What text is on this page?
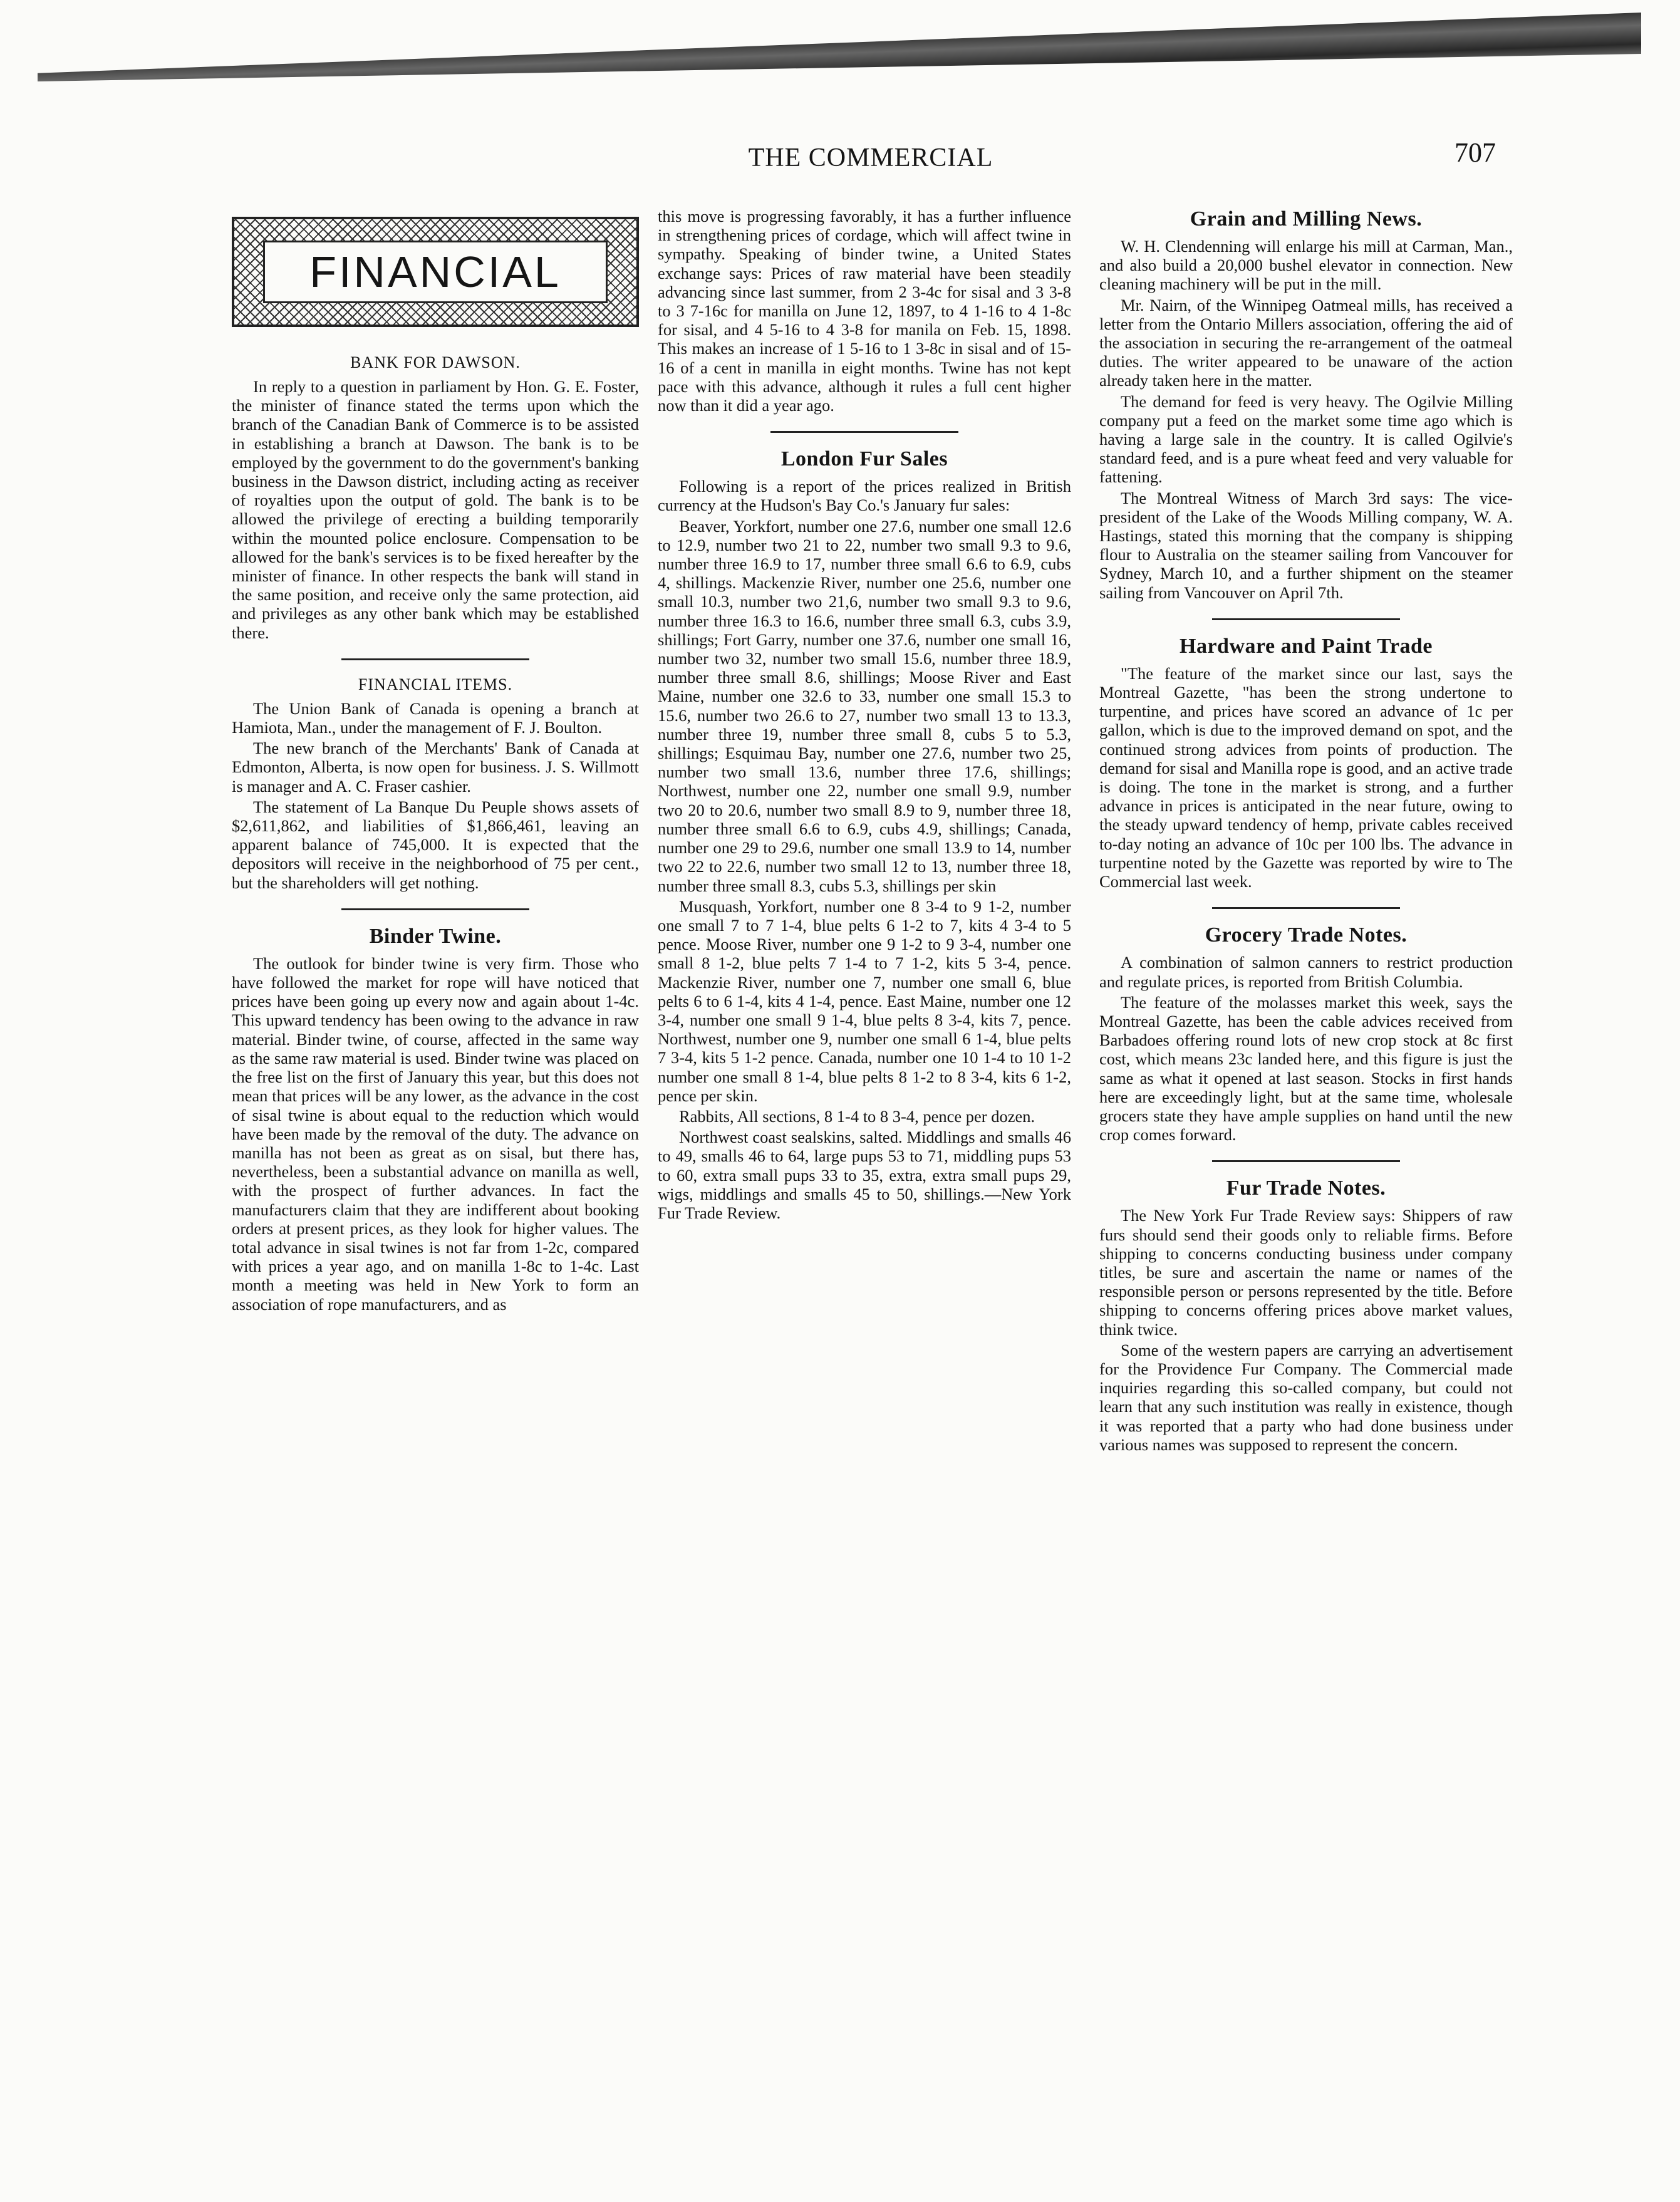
THE COMMERCIAL	707
FINANCIAL
BANK FOR DAWSON.

In reply to a question in parliament by Hon. G. E. Foster, the minister of finance stated the terms upon which the branch of the Canadian Bank of Commerce is to be assisted in establishing a branch at Dawson. The bank is to be employed by the government to do the government's banking business in the Dawson district, including acting as receiver of royalties upon the output of gold. The bank is to be allowed the privilege of erecting a building temporarily within the mounted police enclosure. Compensation to be allowed for the bank's services is to be fixed hereafter by the minister of finance. In other respects the bank will stand in the same position, and receive only the same protection, aid and privileges as any other bank which may be established there.

FINANCIAL ITEMS.

The Union Bank of Canada is opening a branch at Hamiota, Man., under the management of F. J. Boulton.

The new branch of the Merchants' Bank of Canada at Edmonton, Alberta, is now open for business. J. S. Willmott is manager and A. C. Fraser cashier.

The statement of La Banque Du Peuple shows assets of $2,611,862, and liabilities of $1,866,461, leaving an apparent balance of 745,000. It is expected that the depositors will receive in the neighborhood of 75 per cent., but the shareholders will get nothing.

Binder Twine.

The outlook for binder twine is very firm. Those who have followed the market for rope will have noticed that prices have been going up every now and again about 1-4c. This upward tendency has been owing to the advance in raw material. Binder twine, of course, affected in the same way as the same raw material is used. Binder twine was placed on the free list on the first of January this year, but this does not mean that prices will be any lower, as the advance in the cost of sisal twine is about equal to the reduction which would have been made by the removal of the duty. The advance on manilla has not been as great as on sisal, but there has, nevertheless, been a substantial advance on manilla as well, with the prospect of further advances. In fact the manufacturers claim that they are indifferent about booking orders at present prices, as they look for higher values. The total advance in sisal twines is not far from 1-2c, compared with prices a year ago, and on manilla 1-8c to 1-4c. Last month a meeting was held in New York to form an association of rope manufacturers, and as

this move is progressing favorably, it has a further influence in strengthening prices of cordage, which will affect twine in sympathy. Speaking of binder twine, a United States exchange says: Prices of raw material have been steadily advancing since last summer, from 2 3-4c for sisal and 3 3-8 to 3 7-16c for manilla on June 12, 1897, to 4 1-16 to 4 1-8c for sisal, and 4 5-16 to 4 3-8 for manila on Feb. 15, 1898. This makes an increase of 1 5-16 to 1 3-8c in sisal and of 15-16 of a cent in manilla in eight months. Twine has not kept pace with this advance, although it rules a full cent higher now than it did a year ago.

London Fur Sales

Following is a report of the prices realized in British currency at the Hudson's Bay Co.'s January fur sales:

Beaver, Yorkfort, number one 27.6, number one small 12.6 to 12.9, number two 21 to 22, number two small 9.3 to 9.6, number three 16.9 to 17, number three small 6.6 to 6.9, cubs 4, shillings. Mackenzie River, number one 25.6, number one small 10.3, number two 21,6, number two small 9.3 to 9.6, number three 16.3 to 16.6, number three small 6.3, cubs 3.9, shillings; Fort Garry, number one 37.6, number one small 16, number two 32, number two small 15.6, number three 18.9, number three small 8.6, shillings; Moose River and East Maine, number one 32.6 to 33, number one small 15.3 to 15.6, number two 26.6 to 27, number two small 13 to 13.3, number three 19, number three small 8, cubs 5 to 5.3, shillings; Esquimau Bay, number one 27.6, number two 25, number two small 13.6, number three 17.6, shillings; Northwest, number one 22, number one small 9.9, number two 20 to 20.6, number two small 8.9 to 9, number three 18, number three small 6.6 to 6.9, cubs 4.9, shillings; Canada, number one 29 to 29.6, number one small 13.9 to 14, number two 22 to 22.6, number two small 12 to 13, number three 18, number three small 8.3, cubs 5.3, shillings per skin

Musquash, Yorkfort, number one 8 3-4 to 9 1-2, number one small 7 to 7 1-4, blue pelts 6 1-2 to 7, kits 4 3-4 to 5 pence. Moose River, number one 9 1-2 to 9 3-4, number one small 8 1-2, blue pelts 7 1-4 to 7 1-2, kits 5 3-4, pence. Mackenzie River, number one 7, number one small 6, blue pelts 6 to 6 1-4, kits 4 1-4, pence. East Maine, number one 12 3-4, number one small 9 1-4, blue pelts 8 3-4, kits 7, pence. Northwest, number one 9, number one small 6 1-4, blue pelts 7 3-4, kits 5 1-2 pence. Canada, number one 10 1-4 to 10 1-2 number one small 8 1-4, blue pelts 8 1-2 to 8 3-4, kits 6 1-2, pence per skin.

Rabbits, All sections, 8 1-4 to 8 3-4, pence per dozen.

Northwest coast sealskins, salted. Middlings and smalls 46 to 49, smalls 46 to 64, large pups 53 to 71, middling pups 53 to 60, extra small pups 33 to 35, extra, extra small pups 29, wigs, middlings and smalls 45 to 50, shillings.—New York Fur Trade Review.

Grain and Milling News.

W. H. Clendenning will enlarge his mill at Carman, Man., and also build a 20,000 bushel elevator in connection. New cleaning machinery will be put in the mill.

Mr. Nairn, of the Winnipeg Oatmeal mills, has received a letter from the Ontario Millers association, offering the aid of the association in securing the re-arrangement of the oatmeal duties. The writer appeared to be unaware of the action already taken here in the matter.

The demand for feed is very heavy. The Ogilvie Milling company put a feed on the market some time ago which is having a large sale in the country. It is called Ogilvie's standard feed, and is a pure wheat feed and very valuable for fattening.

The Montreal Witness of March 3rd says: The vice-president of the Lake of the Woods Milling company, W. A. Hastings, stated this morning that the company is shipping flour to Australia on the steamer sailing from Vancouver for Sydney, March 10, and a further shipment on the steamer sailing from Vancouver on April 7th.

Hardware and Paint Trade

"The feature of the market since our last, says the Montreal Gazette, "has been the strong undertone to turpentine, and prices have scored an advance of 1c per gallon, which is due to the improved demand on spot, and the continued strong advices from points of production. The demand for sisal and Manilla rope is good, and an active trade is doing. The tone in the market is strong, and a further advance in prices is anticipated in the near future, owing to the steady upward tendency of hemp, private cables received to-day noting an advance of 10c per 100 lbs. The advance in turpentine noted by the Gazette was reported by wire to The Commercial last week.

Grocery Trade Notes.

A combination of salmon canners to restrict production and regulate prices, is reported from British Columbia.

The feature of the molasses market this week, says the Montreal Gazette, has been the cable advices received from Barbadoes offering round lots of new crop stock at 8c first cost, which means 23c landed here, and this figure is just the same as what it opened at last season. Stocks in first hands here are exceedingly light, but at the same time, wholesale grocers state they have ample supplies on hand until the new crop comes forward.

Fur Trade Notes.

The New York Fur Trade Review says: Shippers of raw furs should send their goods only to reliable firms. Before shipping to concerns conducting business under company titles, be sure and ascertain the name or names of the responsible person or persons represented by the title. Before shipping to concerns offering prices above market values, think twice.

Some of the western papers are carrying an advertisement for the Providence Fur Company. The Commercial made inquiries regarding this so-called company, but could not learn that any such institution was really in existence, though it was reported that a party who had done business under various names was supposed to represent the concern.
